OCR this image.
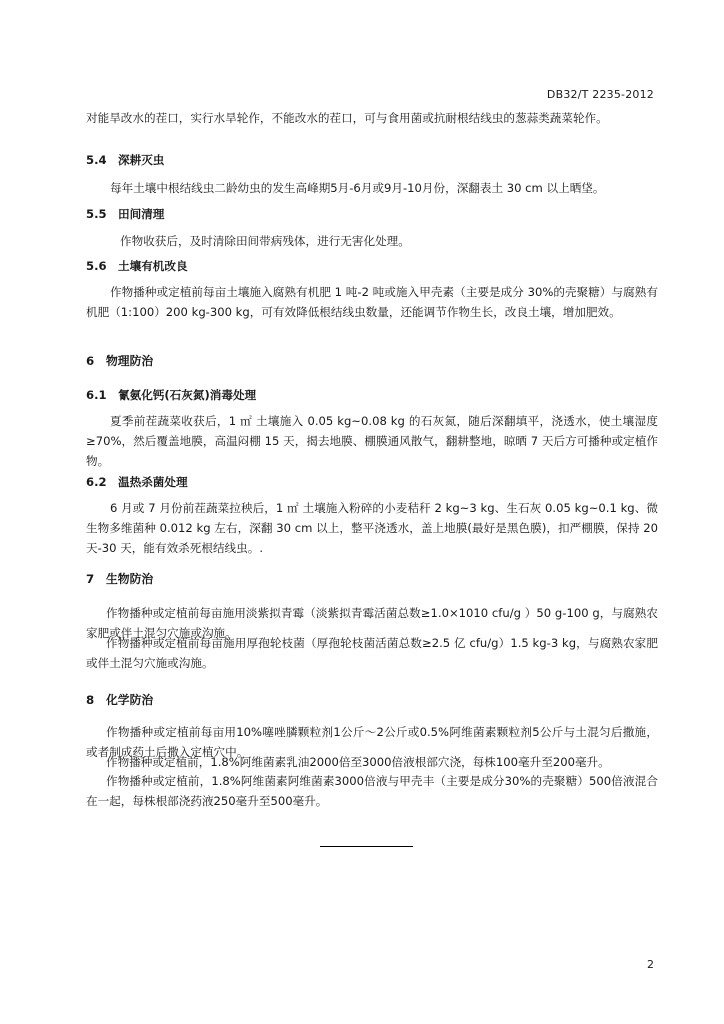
DB32/T 2235-2012

对能旱改水的茬口，实行水旱轮作，不能改水的茬口，可与食用菌或抗耐根结线虫的葱蒜类蔬菜轮作。

5.4 深耕灭虫

每年土壤中根结线虫二龄幼虫的发生高峰期5月-6月或9月-10月份，深翻表土 30 cm 以上晒垡。

5.5 田间清理

作物收获后，及时清除田间带病残体，进行无害化处理。

5.6 土壤有机改良

作物播种或定植前每亩土壤施入腐熟有机肥 1 吨-2 吨或施入甲壳素（主要是成分 30%的壳聚糖）与腐熟有机肥（1:100）200 kg-300 kg，可有效降低根结线虫数量，还能调节作物生长，改良土壤，增加肥效。

6 物理防治
6.1 氰氨化钙(石灰氮)消毒处理

夏季前茬蔬菜收获后，1 ㎡ 土壤施入 0.05 kg~0.08 kg 的石灰氮，随后深翻填平，浇透水，使土壤湿度≥70%，然后覆盖地膜，高温闷棚 15 天，揭去地膜、棚膜通风散气，翻耕整地，晾晒 7 天后方可播种或定植作物。

6.2 温热杀菌处理

6 月或 7 月份前茬蔬菜拉秧后，1 ㎡ 土壤施入粉碎的小麦秸秆 2 kg~3 kg、生石灰 0.05 kg~0.1 kg、微生物多维菌种 0.012 kg 左右，深翻 30 cm 以上，整平浇透水，盖上地膜(最好是黑色膜)，扣严棚膜，保持 20 天-30 天，能有效杀死根结线虫。.

7 生物防治

作物播种或定植前每亩施用淡紫拟青霉（淡紫拟青霉活菌总数≥1.0×1010 cfu/g ）50 g-100 g，与腐熟农家肥或伴土混匀穴施或沟施。

作物播种或定植前每亩施用厚孢轮枝菌（厚孢轮枝菌活菌总数≥2.5 亿 cfu/g）1.5 kg-3 kg，与腐熟农家肥或伴土混匀穴施或沟施。

8 化学防治

作物播种或定植前每亩用10%噻唑膦颗粒剂1公斤～2公斤或0.5%阿维菌素颗粒剂5公斤与土混匀后撒施，或者制成药土后撒入定植穴中。

作物播种或定植前，1.8%阿维菌素乳油2000倍至3000倍液根部穴浇，每株100毫升至200毫升。

作物播种或定植前，1.8%阿维菌素阿维菌素3000倍液与甲壳丰（主要是成分30%的壳聚糖）500倍液混合在一起，每株根部浇药液250毫升至500毫升。

2
